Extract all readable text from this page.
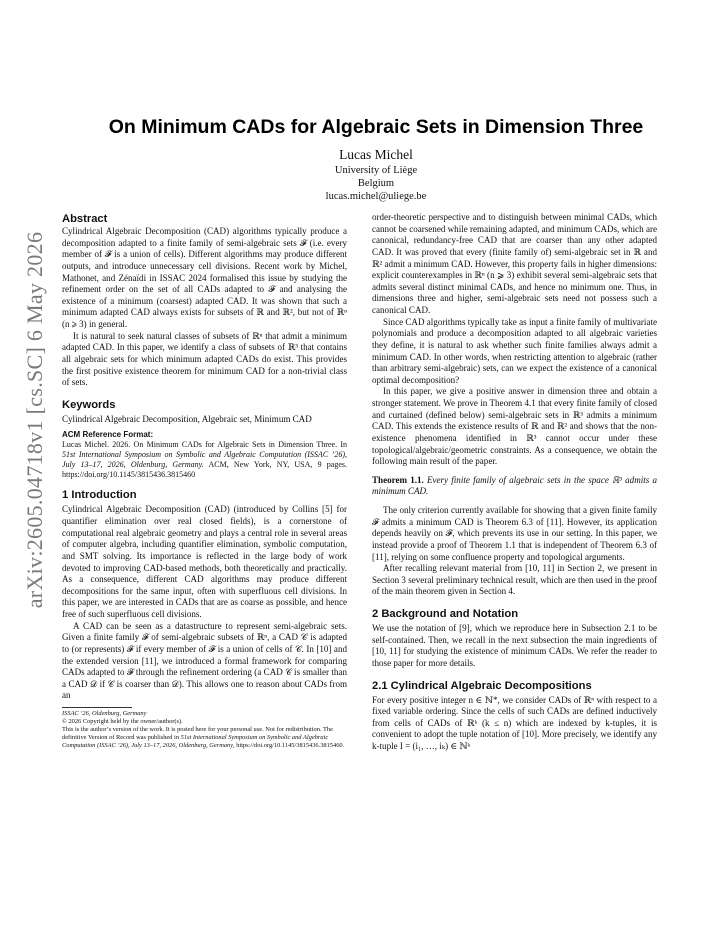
arXiv:2605.04718v1 [cs.SC] 6 May 2026
On Minimum CADs for Algebraic Sets in Dimension Three
Lucas Michel
University of Liège
Belgium
lucas.michel@uliege.be
Abstract

Cylindrical Algebraic Decomposition (CAD) algorithms typically produce a decomposition adapted to a finite family of semi-algebraic sets 𝓕 (i.e. every member of 𝓕 is a union of cells). Different algorithms may produce different outputs, and introduce unnecessary cell divisions. Recent work by Michel, Mathonet, and Zénaïdi in ISSAC 2024 formalised this issue by studying the refinement order on the set of all CADs adapted to 𝓕 and analysing the existence of a minimum (coarsest) adapted CAD. It was shown that such a minimum adapted CAD always exists for subsets of ℝ and ℝ², but not of ℝⁿ (n ⩾ 3) in general.

It is natural to seek natural classes of subsets of ℝⁿ that admit a minimum adapted CAD. In this paper, we identify a class of subsets of ℝ³ that contains all algebraic sets for which minimum adapted CADs do exist. This provides the first positive existence theorem for minimum CAD for a non-trivial class of sets.

Keywords

Cylindrical Algebraic Decomposition, Algebraic set, Minimum CAD

ACM Reference Format:

Lucas Michel. 2026. On Minimum CADs for Algebraic Sets in Dimension Three. In 51st International Symposium on Symbolic and Algebraic Computation (ISSAC ’26), July 13–17, 2026, Oldenburg, Germany. ACM, New York, NY, USA, 9 pages. https://doi.org/10.1145/3815436.3815460

1 Introduction

Cylindrical Algebraic Decomposition (CAD) (introduced by Collins [5] for quantifier elimination over real closed fields), is a cornerstone of computational real algebraic geometry and plays a central role in several areas of computer algebra, including quantifier elimination, symbolic computation, and SMT solving. Its importance is reflected in the large body of work devoted to improving CAD-based methods, both theoretically and practically. As a consequence, different CAD algorithms may produce different decompositions for the same input, often with superfluous cell divisions. In this paper, we are interested in CADs that are as coarse as possible, and hence free of such superfluous cell divisions.

A CAD can be seen as a datastructure to represent semi-algebraic sets. Given a finite family 𝓕 of semi-algebraic subsets of ℝⁿ, a CAD 𝒞 is adapted to (or represents) 𝓕 if every member of 𝓕 is a union of cells of 𝒞. In [10] and the extended version [11], we introduced a formal framework for comparing CADs adapted to 𝓕 through the refinement ordering (a CAD 𝒞 is smaller than a CAD 𝒟 if 𝒞 is coarser than 𝒟). This allows one to reason about CADs from an

ISSAC ’26, Oldenburg, Germany
© 2026 Copyright held by the owner/author(s).
This is the author’s version of the work. It is posted here for your personal use. Not for redistribution. The definitive Version of Record was published in 51st International Symposium on Symbolic and Algebraic Computation (ISSAC ’26), July 13–17, 2026, Oldenburg, Germany, https://doi.org/10.1145/3815436.3815460.

order-theoretic perspective and to distinguish between minimal CADs, which cannot be coarsened while remaining adapted, and minimum CADs, which are canonical, redundancy-free CAD that are coarser than any other adapted CAD. It was proved that every (finite family of) semi-algebraic set in ℝ and ℝ² admit a minimum CAD. However, this property fails in higher dimensions: explicit counterexamples in ℝⁿ (n ⩾ 3) exhibit several semi-algebraic sets that admits several distinct minimal CADs, and hence no minimum one. Thus, in dimensions three and higher, semi-algebraic sets need not possess such a canonical CAD.

Since CAD algorithms typically take as input a finite family of multivariate polynomials and produce a decomposition adapted to all algebraic varieties they define, it is natural to ask whether such finite families always admit a minimum CAD. In other words, when restricting attention to algebraic (rather than arbitrary semi-algebraic) sets, can we expect the existence of a canonical optimal decomposition?

In this paper, we give a positive answer in dimension three and obtain a stronger statement. We prove in Theorem 4.1 that every finite family of closed and curtained (defined below) semi-algebraic sets in ℝ³ admits a minimum CAD. This extends the existence results of ℝ and ℝ² and shows that the non-existence phenomena identified in ℝ³ cannot occur under these topological/algebraic/geometric constraints. As a consequence, we obtain the following main result of the paper.

Theorem 1.1. Every finite family of algebraic sets in the space ℝ³ admits a minimum CAD.

The only criterion currently available for showing that a given finite family 𝓕 admits a minimum CAD is Theorem 6.3 of [11]. However, its application depends heavily on 𝓕, which prevents its use in our setting. In this paper, we instead provide a proof of Theorem 1.1 that is independent of Theorem 6.3 of [11], relying on some confluence property and topological arguments.

After recalling relevant material from [10, 11] in Section 2, we present in Section 3 several preliminary technical result, which are then used in the proof of the main theorem given in Section 4.

2 Background and Notation

We use the notation of [9], which we reproduce here in Subsection 2.1 to be self-contained. Then, we recall in the next subsection the main ingredients of [10, 11] for studying the existence of minimum CADs. We refer the reader to those paper for more details.

2.1 Cylindrical Algebraic Decompositions

For every positive integer n ∈ ℕ*, we consider CADs of ℝⁿ with respect to a fixed variable ordering. Since the cells of such CADs are defined inductively from cells of CADs of ℝᵏ (k ≤ n) which are indexed by k-tuples, it is convenient to adopt the tuple notation of [10]. More precisely, we identify any k-tuple I = (i₁, …, iₖ) ∈ ℕᵏ
